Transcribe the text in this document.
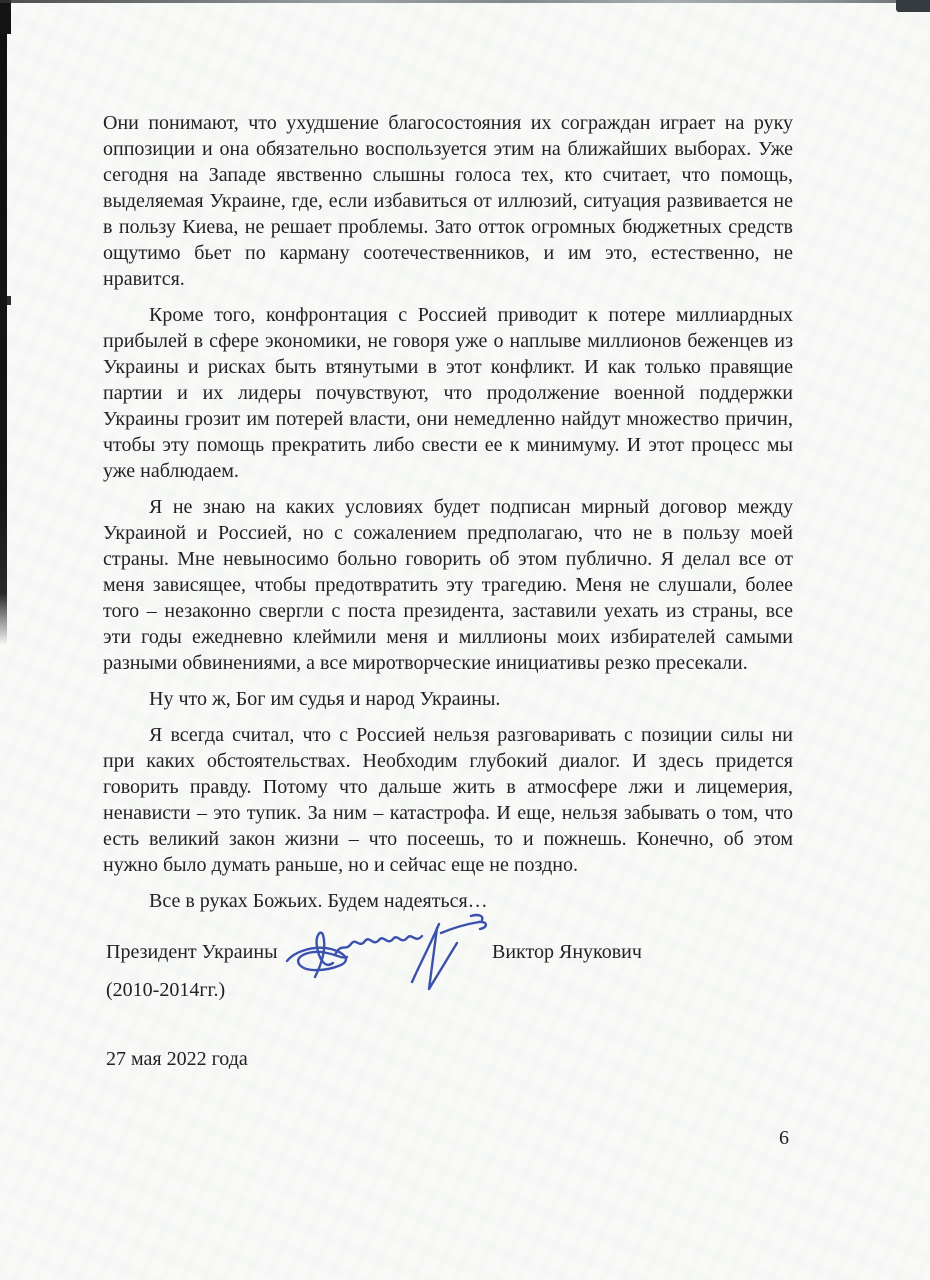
Они понимают, что ухудшение благосостояния их сограждан играет на руку оппозиции и она обязательно воспользуется этим на ближайших выборах. Уже сегодня на Западе явственно слышны голоса тех, кто считает, что помощь, выделяемая Украине, где, если избавиться от иллюзий, ситуация развивается не в пользу Киева, не решает проблемы. Зато отток огромных бюджетных средств ощутимо бьет по карману соотечественников, и им это, естественно, не нравится.

Кроме того, конфронтация с Россией приводит к потере миллиардных прибылей в сфере экономики, не говоря уже о наплыве миллионов беженцев из Украины и рисках быть втянутыми в этот конфликт. И как только правящие партии и их лидеры почувствуют, что продолжение военной поддержки Украины грозит им потерей власти, они немедленно найдут множество причин, чтобы эту помощь прекратить либо свести ее к минимуму. И этот процесс мы уже наблюдаем.

Я не знаю на каких условиях будет подписан мирный договор между Украиной и Россией, но с сожалением предполагаю, что не в пользу моей страны. Мне невыносимо больно говорить об этом публично. Я делал все от меня зависящее, чтобы предотвратить эту трагедию. Меня не слушали, более того – незаконно свергли с поста президента, заставили уехать из страны, все эти годы ежедневно клеймили меня и миллионы моих избирателей самыми разными обвинениями, а все миротворческие инициативы резко пресекали.

Ну что ж, Бог им судья и народ Украины.

Я всегда считал, что с Россией нельзя разговаривать с позиции силы ни при каких обстоятельствах. Необходим глубокий диалог. И здесь придется говорить правду. Потому что дальше жить в атмосфере лжи и лицемерия, ненависти – это тупик. За ним – катастрофа. И еще, нельзя забывать о том, что есть великий закон жизни – что посеешь, то и пожнешь. Конечно, об этом нужно было думать раньше, но и сейчас еще не поздно.

Все в руках Божьих. Будем надеяться…

Президент Украины
(2010-2014гг.)
Виктор Янукович
27 мая 2022 года
6
